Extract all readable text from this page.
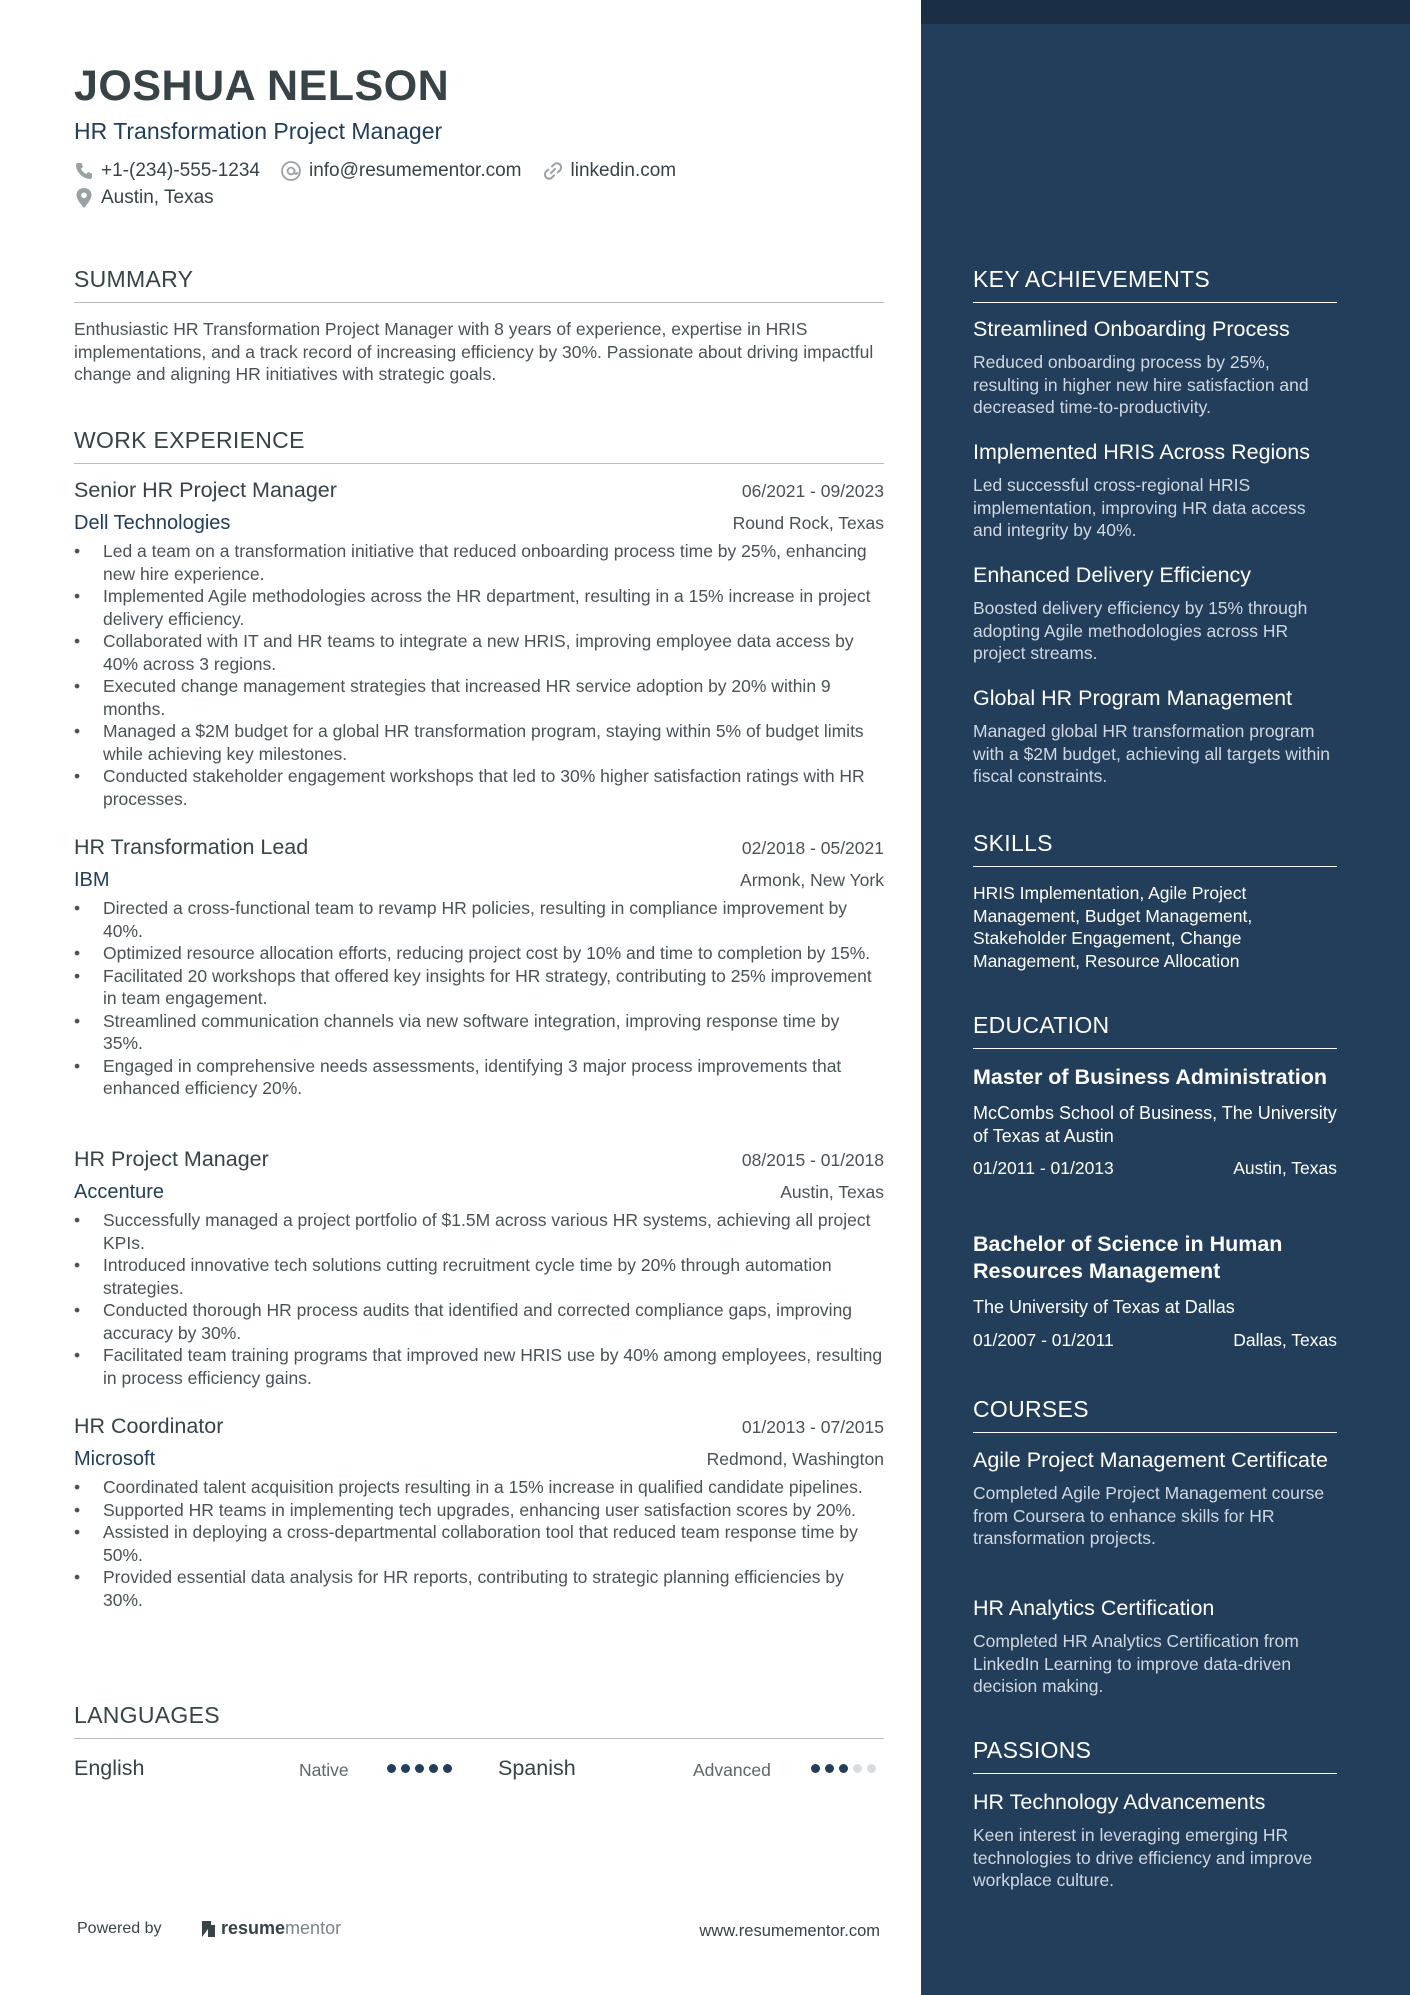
JOSHUA NELSON
HR Transformation Project Manager
+1-(234)-555-1234	info@resumementor.com	linkedin.com
Austin, Texas
SUMMARY
Enthusiastic HR Transformation Project Manager with 8 years of experience, expertise in HRIS implementations, and a track record of increasing efficiency by 30%. Passionate about driving impactful change and aligning HR initiatives with strategic goals.
WORK EXPERIENCE
Senior HR Project Manager	06/2021 - 09/2023
Dell Technologies	Round Rock, Texas
• Led a team on a transformation initiative that reduced onboarding process time by 25%, enhancing new hire experience.
• Implemented Agile methodologies across the HR department, resulting in a 15% increase in project delivery efficiency.
• Collaborated with IT and HR teams to integrate a new HRIS, improving employee data access by 40% across 3 regions.
• Executed change management strategies that increased HR service adoption by 20% within 9 months.
• Managed a $2M budget for a global HR transformation program, staying within 5% of budget limits while achieving key milestones.
• Conducted stakeholder engagement workshops that led to 30% higher satisfaction ratings with HR processes.
HR Transformation Lead	02/2018 - 05/2021
IBM	Armonk, New York
• Directed a cross-functional team to revamp HR policies, resulting in compliance improvement by 40%.
• Optimized resource allocation efforts, reducing project cost by 10% and time to completion by 15%.
• Facilitated 20 workshops that offered key insights for HR strategy, contributing to 25% improvement in team engagement.
• Streamlined communication channels via new software integration, improving response time by 35%.
• Engaged in comprehensive needs assessments, identifying 3 major process improvements that enhanced efficiency 20%.
HR Project Manager	08/2015 - 01/2018
Accenture	Austin, Texas
• Successfully managed a project portfolio of $1.5M across various HR systems, achieving all project KPIs.
• Introduced innovative tech solutions cutting recruitment cycle time by 20% through automation strategies.
• Conducted thorough HR process audits that identified and corrected compliance gaps, improving accuracy by 30%.
• Facilitated team training programs that improved new HRIS use by 40% among employees, resulting in process efficiency gains.
HR Coordinator	01/2013 - 07/2015
Microsoft	Redmond, Washington
• Coordinated talent acquisition projects resulting in a 15% increase in qualified candidate pipelines.
• Supported HR teams in implementing tech upgrades, enhancing user satisfaction scores by 20%.
• Assisted in deploying a cross-departmental collaboration tool that reduced team response time by 50%.
• Provided essential data analysis for HR reports, contributing to strategic planning efficiencies by 30%.
LANGUAGES
English	Native	Spanish	Advanced
Powered by	resume mentor	www.resumementor.com
KEY ACHIEVEMENTS
Streamlined Onboarding Process
Reduced onboarding process by 25%, resulting in higher new hire satisfaction and decreased time-to-productivity.
Implemented HRIS Across Regions
Led successful cross-regional HRIS implementation, improving HR data access and integrity by 40%.
Enhanced Delivery Efficiency
Boosted delivery efficiency by 15% through adopting Agile methodologies across HR project streams.
Global HR Program Management
Managed global HR transformation program with a $2M budget, achieving all targets within fiscal constraints.
SKILLS
HRIS Implementation, Agile Project Management, Budget Management, Stakeholder Engagement, Change Management, Resource Allocation
EDUCATION
Master of Business Administration
McCombs School of Business, The University of Texas at Austin
01/2011 - 01/2013	Austin, Texas
Bachelor of Science in Human Resources Management
The University of Texas at Dallas
01/2007 - 01/2011	Dallas, Texas
COURSES
Agile Project Management Certificate
Completed Agile Project Management course from Coursera to enhance skills for HR transformation projects.
HR Analytics Certification
Completed HR Analytics Certification from LinkedIn Learning to improve data-driven decision making.
PASSIONS
HR Technology Advancements
Keen interest in leveraging emerging HR technologies to drive efficiency and improve workplace culture.
